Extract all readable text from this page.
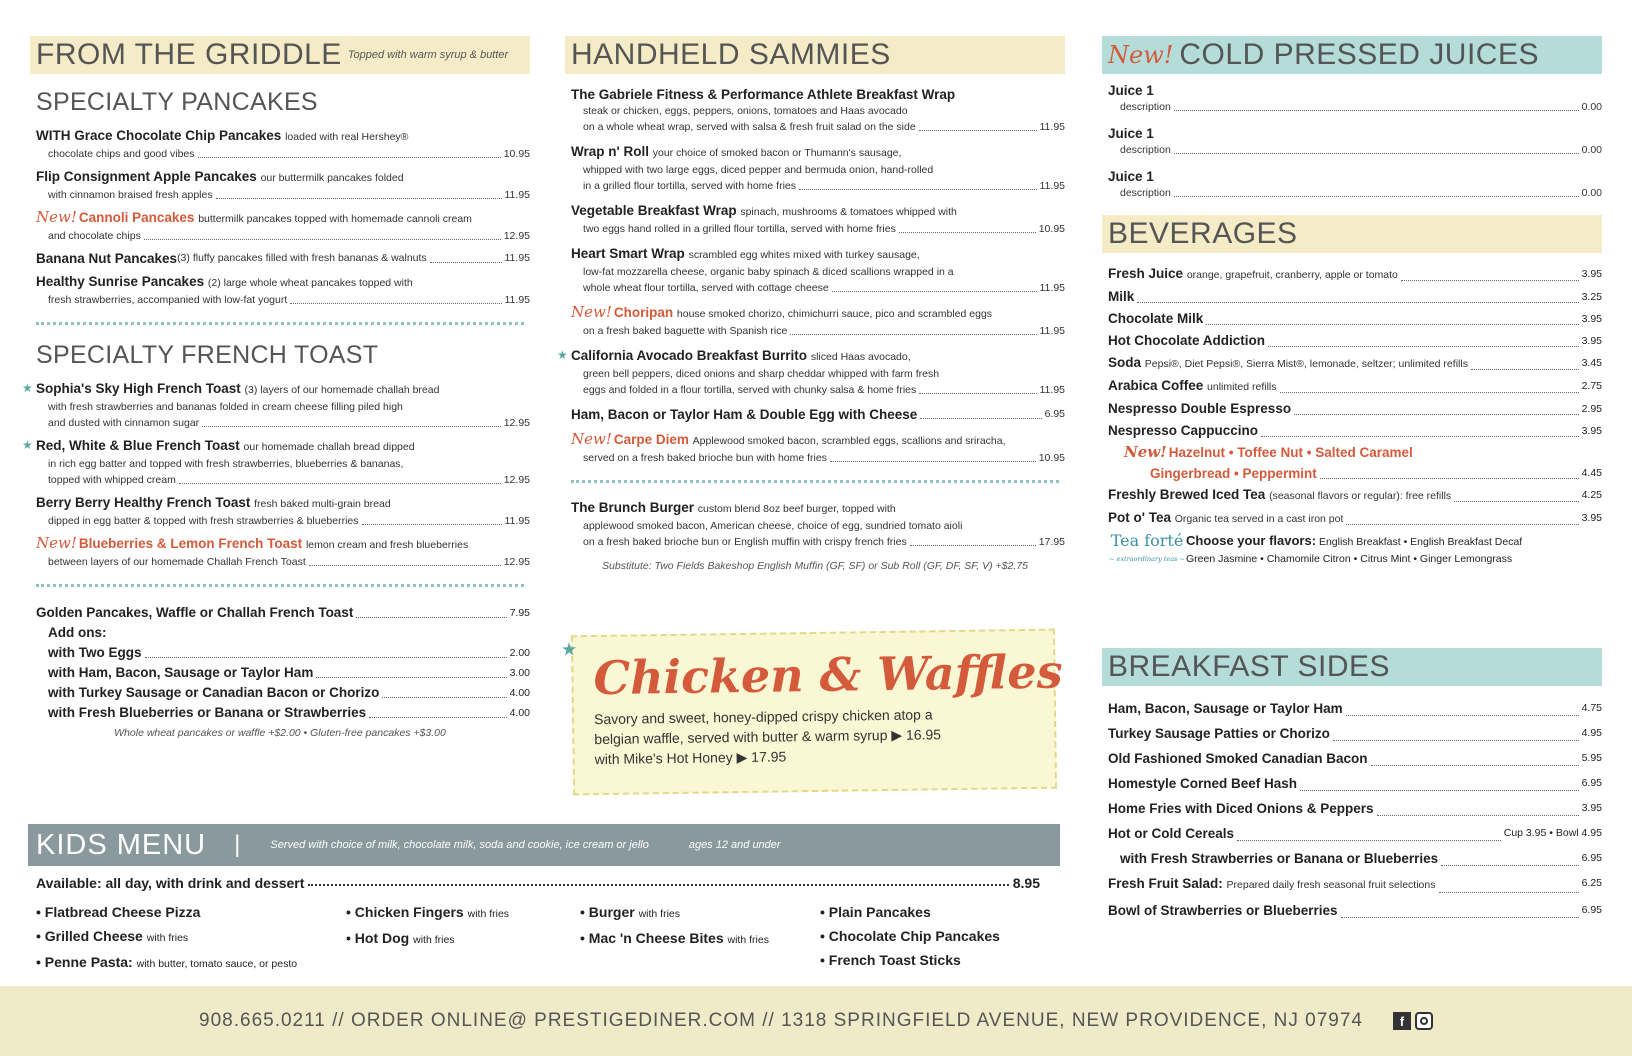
FROM THE GRIDDLE Topped with warm syrup & butter
SPECIALTY PANCAKES
WITH Grace Chocolate Chip Pancakes loaded with real Hershey®
chocolate chips and good vibes	10.95
Flip Consignment Apple Pancakes our buttermilk pancakes folded
with cinnamon braised fresh apples	11.95
New! Cannoli Pancakes buttermilk pancakes topped with homemade cannoli cream
and chocolate chips	12.95
Banana Nut Pancakes (3) fluffy pancakes filled with fresh bananas & walnuts	11.95
Healthy Sunrise Pancakes (2) large whole wheat pancakes topped with
fresh strawberries, accompanied with low-fat yogurt	11.95
SPECIALTY FRENCH TOAST
★ Sophia's Sky High French Toast (3) layers of our homemade challah bread
with fresh strawberries and bananas folded in cream cheese filling piled high
and dusted with cinnamon sugar	12.95
★ Red, White & Blue French Toast our homemade challah bread dipped
in rich egg batter and topped with fresh strawberries, blueberries & bananas,
topped with whipped cream	12.95
Berry Berry Healthy French Toast fresh baked multi-grain bread
dipped in egg batter & topped with fresh strawberries & blueberries	11.95
New! Blueberries & Lemon French Toast lemon cream and fresh blueberries
between layers of our homemade Challah French Toast	12.95
Golden Pancakes, Waffle or Challah French Toast	7.95
Add ons:
with Two Eggs	2.00
with Ham, Bacon, Sausage or Taylor Ham	3.00
with Turkey Sausage or Canadian Bacon or Chorizo	4.00
with Fresh Blueberries or Banana or Strawberries	4.00
Whole wheat pancakes or waffle +$2.00 • Gluten-free pancakes +$3.00
HANDHELD SAMMIES
The Gabriele Fitness & Performance Athlete Breakfast Wrap
steak or chicken, eggs, peppers, onions, tomatoes and Haas avocado
on a whole wheat wrap, served with salsa & fresh fruit salad on the side	11.95
Wrap n' Roll your choice of smoked bacon or Thumann's sausage,
whipped with two large eggs, diced pepper and bermuda onion, hand-rolled
in a grilled flour tortilla, served with home fries	11.95
Vegetable Breakfast Wrap spinach, mushrooms & tomatoes whipped with
two eggs hand rolled in a grilled flour tortilla, served with home fries	10.95
Heart Smart Wrap scrambled egg whites mixed with turkey sausage,
low-fat mozzarella cheese, organic baby spinach & diced scallions wrapped in a
whole wheat flour tortilla, served with cottage cheese	11.95
New! Choripan house smoked chorizo, chimichurri sauce, pico and scrambled eggs
on a fresh baked baguette with Spanish rice	11.95
★ California Avocado Breakfast Burrito sliced Haas avocado,
green bell peppers, diced onions and sharp cheddar whipped with farm fresh
eggs and folded in a flour tortilla, served with chunky salsa & home fries	11.95
Ham, Bacon or Taylor Ham & Double Egg with Cheese	6.95
New! Carpe Diem Applewood smoked bacon, scrambled eggs, scallions and sriracha,
served on a fresh baked brioche bun with home fries	10.95
The Brunch Burger custom blend 8oz beef burger, topped with
applewood smoked bacon, American cheese, choice of egg, sundried tomato aioli
on a fresh baked brioche bun or English muffin with crispy french fries	17.95
Substitute: Two Fields Bakeshop English Muffin (GF, SF) or Sub Roll (GF, DF, SF, V) +$2.75
★ Chicken & Waffles
Savory and sweet, honey-dipped crispy chicken atop a
belgian waffle, served with butter & warm syrup ▶ 16.95
with Mike's Hot Honey ▶ 17.95
New! COLD PRESSED JUICES
Juice 1
description	0.00
Juice 1
description	0.00
Juice 1
description	0.00
BEVERAGES
Fresh Juice orange, grapefruit, cranberry, apple or tomato	3.95
Milk	3.25
Chocolate Milk	3.95
Hot Chocolate Addiction	3.95
Soda Pepsi®, Diet Pepsi®, Sierra Mist®, lemonade, seltzer; unlimited refills	3.45
Arabica Coffee unlimited refills	2.75
Nespresso Double Espresso	2.95
Nespresso Cappuccino	3.95
New! Hazelnut • Toffee Nut • Salted Caramel
Gingerbread • Peppermint	4.45
Freshly Brewed Iced Tea (seasonal flavors or regular): free refills	4.25
Pot o' Tea Organic tea served in a cast iron pot	3.95
Tea forté
~ extraordinary teas ~
Choose your flavors: English Breakfast • English Breakfast Decaf
Green Jasmine • Chamomile Citron • Citrus Mint • Ginger Lemongrass
BREAKFAST SIDES
Ham, Bacon, Sausage or Taylor Ham	4.75
Turkey Sausage Patties or Chorizo	4.95
Old Fashioned Smoked Canadian Bacon	5.95
Homestyle Corned Beef Hash	6.95
Home Fries with Diced Onions & Peppers	3.95
Hot or Cold Cereals	Cup 3.95 • Bowl 4.95
with Fresh Strawberries or Banana or Blueberries	6.95
Fresh Fruit Salad: Prepared daily fresh seasonal fruit selections	6.25
Bowl of Strawberries or Blueberries	6.95
KIDS MENU |	Served with choice of milk, chocolate milk, soda and cookie, ice cream or jello	ages 12 and under
Available: all day, with drink and dessert	8.95
• Flatbread Cheese Pizza
• Grilled Cheese with fries
• Penne Pasta: with butter, tomato sauce, or pesto
• Chicken Fingers with fries
• Hot Dog with fries
• Burger with fries
• Mac 'n Cheese Bites with fries
• Plain Pancakes
• Chocolate Chip Pancakes
• French Toast Sticks
908.665.0211 // ORDER ONLINE@ PRESTIGEDINER.COM // 1318 SPRINGFIELD AVENUE, NEW PROVIDENCE, NJ 07974	f
